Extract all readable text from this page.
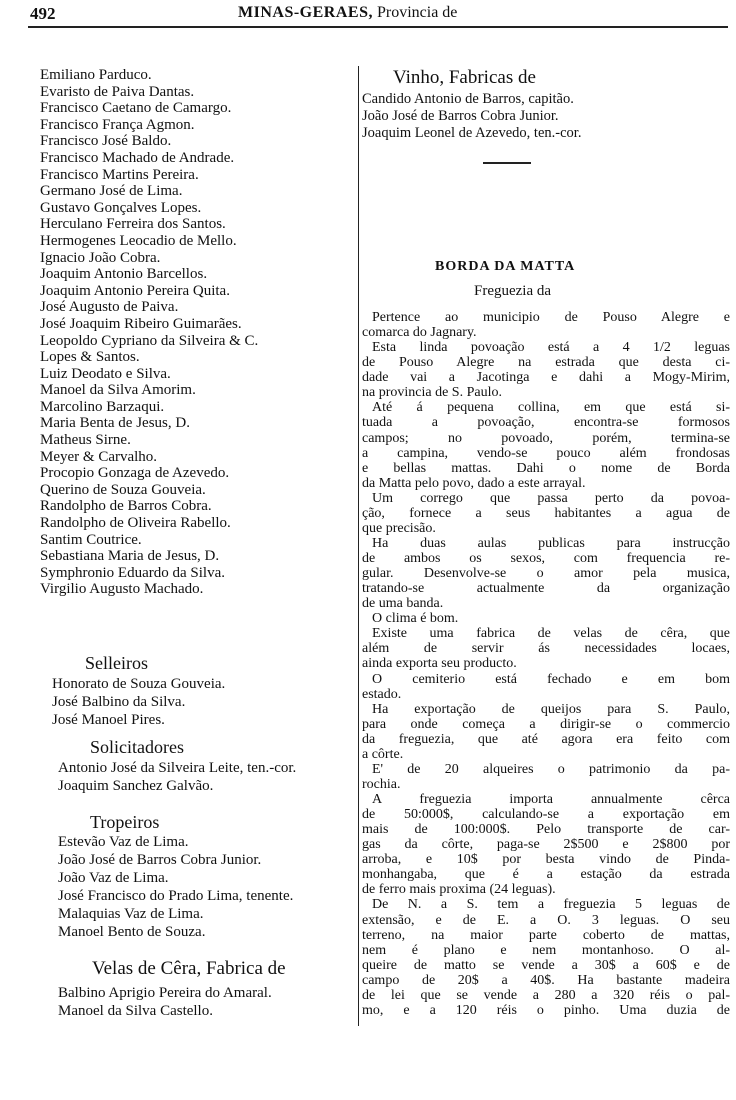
492	MINAS-GERAES, Provincia de
Emiliano Parduco.
Evaristo de Paiva Dantas.
Francisco Caetano de Camargo.
Francisco França Agmon.
Francisco José Baldo.
Francisco Machado de Andrade.
Francisco Martins Pereira.
Germano José de Lima.
Gustavo Gonçalves Lopes.
Herculano Ferreira dos Santos.
Hermogenes Leocadio de Mello.
Ignacio João Cobra.
Joaquim Antonio Barcellos.
Joaquim Antonio Pereira Quita.
José Augusto de Paiva.
José Joaquim Ribeiro Guimarães.
Leopoldo Cypriano da Silveira & C.
Lopes & Santos.
Luiz Deodato e Silva.
Manoel da Silva Amorim.
Marcolino Barzaqui.
Maria Benta de Jesus, D.
Matheus Sirne.
Meyer & Carvalho.
Procopio Gonzaga de Azevedo.
Querino de Souza Gouveia.
Randolpho de Barros Cobra.
Randolpho de Oliveira Rabello.
Santim Coutrice.
Sebastiana Maria de Jesus, D.
Symphronio Eduardo da Silva.
Virgilio Augusto Machado.
Selleiros
Honorato de Souza Gouveia.
José Balbino da Silva.
José Manoel Pires.
Solicitadores
Antonio José da Silveira Leite, ten.-cor.
Joaquim Sanchez Galvão.
Tropeiros
Estevão Vaz de Lima.
João José de Barros Cobra Junior.
João Vaz de Lima.
José Francisco do Prado Lima, tenente.
Malaquias Vaz de Lima.
Manoel Bento de Souza.
Velas de Cêra, Fabrica de
Balbino Aprigio Pereira do Amaral.
Manoel da Silva Castello.
Vinho, Fabricas de
Candido Antonio de Barros, capitão.
João José de Barros Cobra Junior.
Joaquim Leonel de Azevedo, ten.-cor.
BORDA DA MATTA
Freguezia da
Pertence ao municipio de Pouso Alegre e
comarca do Jagnary.
Esta linda povoação está a 4 1/2 leguas
de Pouso Alegre na estrada que desta ci-
dade vai a Jacotinga e dahi a Mogy-Mirim,
na provincia de S. Paulo.
Até á pequena collina, em que está si-
tuada a povoação, encontra-se formosos
campos; no povoado, porém, termina-se
a campina, vendo-se pouco além frondosas
e bellas mattas. Dahi o nome de Borda
da Matta pelo povo, dado a este arrayal.
Um corrego que passa perto da povoa-
ção, fornece a seus habitantes a agua de
que precisão.
Ha duas aulas publicas para instrucção
de ambos os sexos, com frequencia re-
gular. Desenvolve-se o amor pela musica,
tratando-se actualmente da organização
de uma banda.
O clima é bom.
Existe uma fabrica de velas de cêra, que
além de servir ás necessidades locaes,
ainda exporta seu producto.
O cemiterio está fechado e em bom
estado.
Ha exportação de queijos para S. Paulo,
para onde começa a dirigir-se o commercio
da freguezia, que até agora era feito com
a côrte.
E' de 20 alqueires o patrimonio da pa-
rochia.
A freguezia importa annualmente cêrca
de 50:000$, calculando-se a exportação em
mais de 100:000$. Pelo transporte de car-
gas da côrte, paga-se 2$500 e 2$800 por
arroba, e 10$ por besta vindo de Pinda-
monhangaba, que é a estação da estrada
de ferro mais proxima (24 leguas).
De N. a S. tem a freguezia 5 leguas de
extensão, e de E. a O. 3 leguas. O seu
terreno, na maior parte coberto de mattas,
nem é plano e nem montanhoso. O al-
queire de matto se vende a 30$ a 60$ e de
campo de 20$ a 40$. Ha bastante madeira
de lei que se vende a 280 a 320 réis o pal-
mo, e a 120 réis o pinho. Uma duzia de
